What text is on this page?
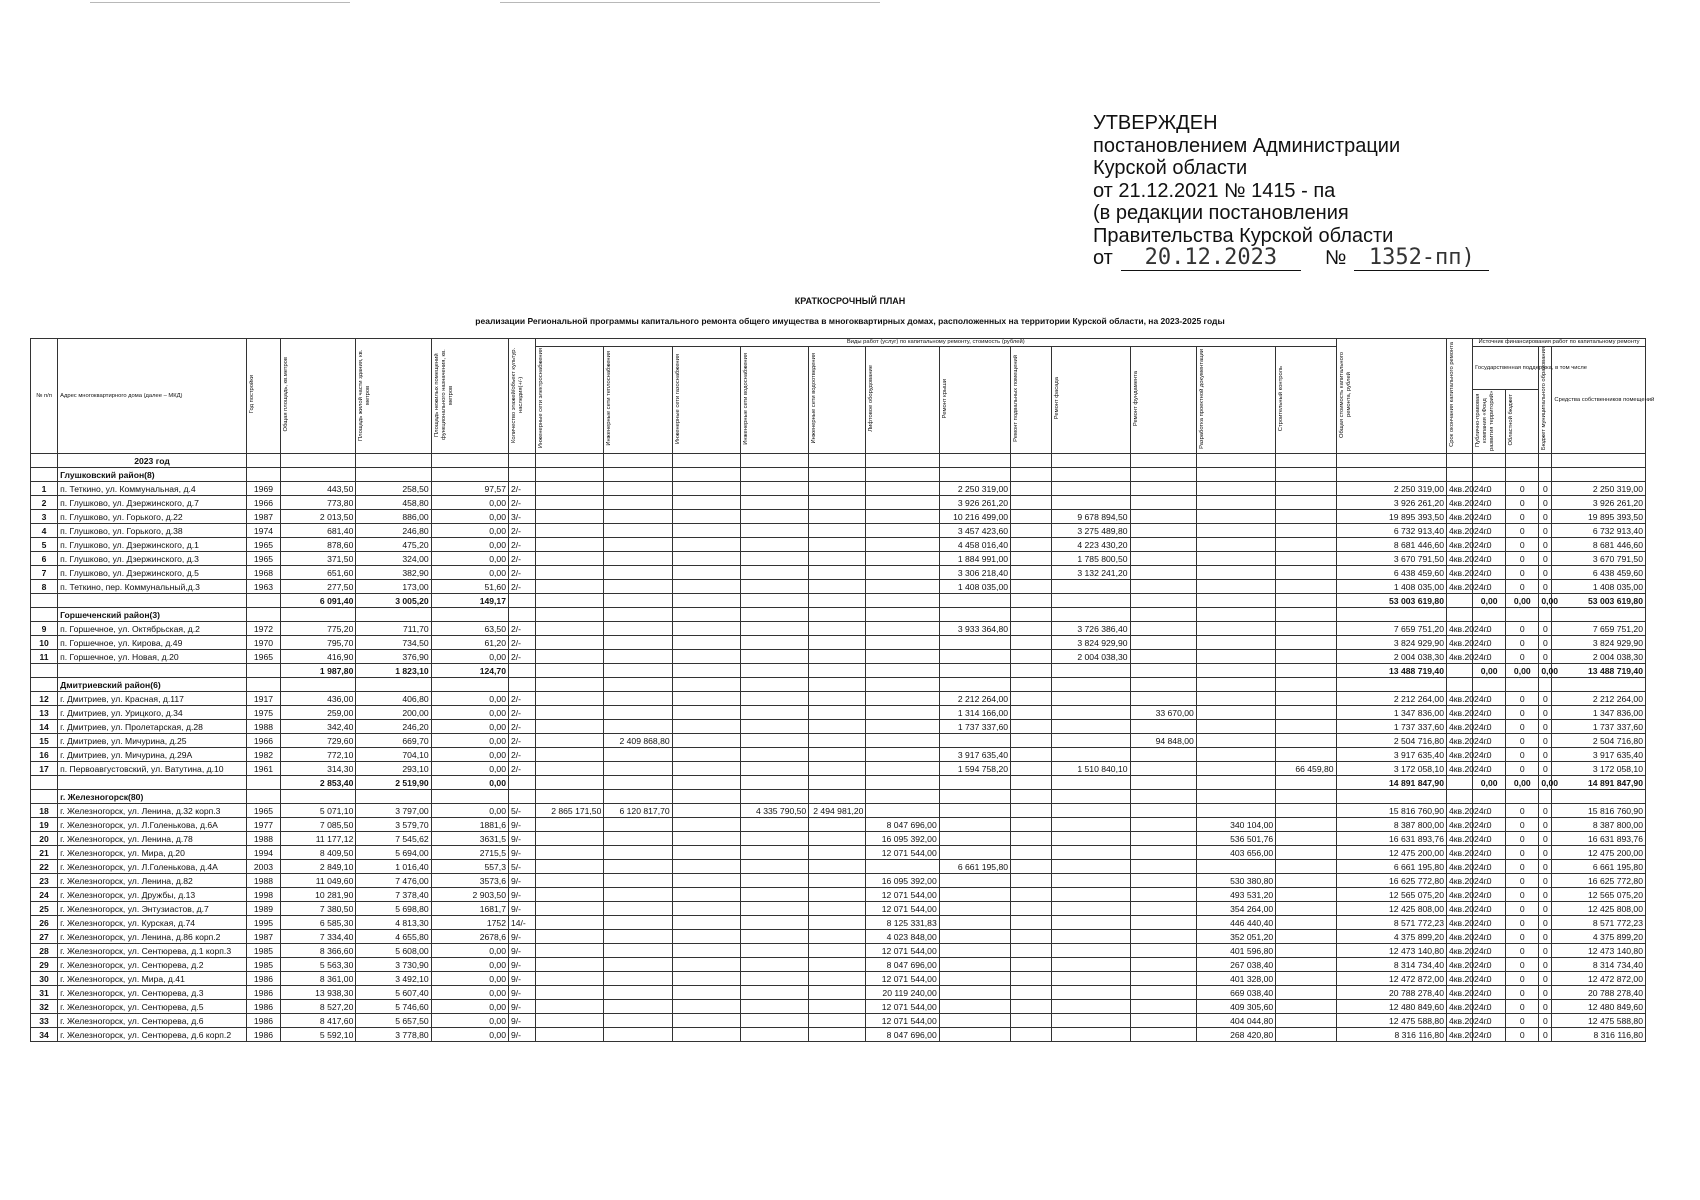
УТВЕРЖДЕН
постановлением Администрации
Курской области
от 21.12.2021 № 1415 - па
(в редакции постановления
Правительства Курской области
от 20.12.2023 № 1352-пп)
КРАТКОСРОЧНЫЙ ПЛАН
реализации Региональной программы капитального ремонта общего имущества в многоквартирных домах, расположенных на территории Курской области, на 2023-2025 годы
№ п/п	Адрес многоквартирного дома (далее – МКД)	Год постройки	Общая площадь, кв.метров	Площадь жилой части здания, кв. метров	Площадь нежилых помещений функционального назначения, кв. метров	Количество этажей/объект культур. наследия(+/-)	Виды работ (услуг) по капитальному ремонту, стоимость (рублей)												Общая стоимость капитального ремонта, рублей	Срок окончания капитального ремонта	Источник финансирования работ по капитальному ремонту			
							Инженерные сети электроснабжения	Инженерные сети теплоснабжения	Инженерные сети газоснабжения	Инженерные сети водоснабжения	Инженерные сети водоотведения	Лифтовое оборудование	Ремонт крыши	Ремонт подвальных помещений	Ремонт фасада	Ремонт фундамента	Разработка проектной документации	Строительный контроль			Государственная поддержка, в том числе		Бюджет муниципального образования	Средства собственников помещений
																					Публично-правовая компания «Фонд развития территорий»	Областной бюджет		
	2023 год																							
	Глушковский район(8)																							
1	п. Теткино, ул. Коммунальная, д.4	1969	443,50	258,50	97,57	2/-							2 250 319,00						2 250 319,00	4кв.2024г.	0	0	0	2 250 319,00
2	п. Глушково, ул. Дзержинского, д.7	1966	773,80	458,80	0,00	2/-							3 926 261,20						3 926 261,20	4кв.2024г.	0	0	0	3 926 261,20
3	п. Глушково, ул. Горького, д.22	1987	2 013,50	886,00	0,00	3/-							10 216 499,00		9 678 894,50				19 895 393,50	4кв.2024г.	0	0	0	19 895 393,50
4	п. Глушково, ул. Горького, д.38	1974	681,40	246,80	0,00	2/-							3 457 423,60		3 275 489,80				6 732 913,40	4кв.2024г.	0	0	0	6 732 913,40
5	п. Глушково, ул. Дзержинского, д.1	1965	878,60	475,20	0,00	2/-							4 458 016,40		4 223 430,20				8 681 446,60	4кв.2024г.	0	0	0	8 681 446,60
6	п. Глушково, ул. Дзержинского, д.3	1965	371,50	324,00	0,00	2/-							1 884 991,00		1 785 800,50				3 670 791,50	4кв.2024г.	0	0	0	3 670 791,50
7	п. Глушково, ул. Дзержинского, д.5	1968	651,60	382,90	0,00	2/-							3 306 218,40		3 132 241,20				6 438 459,60	4кв.2024г.	0	0	0	6 438 459,60
8	п. Теткино, пер. Коммунальный,д.3	1963	277,50	173,00	51,60	2/-							1 408 035,00						1 408 035,00	4кв.2024г.	0	0	0	1 408 035,00
			6 091,40	3 005,20	149,17														53 003 619,80		0,00	0,00	0,00	53 003 619,80
	Горшеченский район(3)																							
9	п. Горшечное, ул. Октябрьская, д.2	1972	775,20	711,70	63,50	2/-							3 933 364,80		3 726 386,40				7 659 751,20	4кв.2024г.	0	0	0	7 659 751,20
10	п. Горшечное, ул. Кирова, д.49	1970	795,70	734,50	61,20	2/-									3 824 929,90				3 824 929,90	4кв.2024г.	0	0	0	3 824 929,90
11	п. Горшечное, ул. Новая, д.20	1965	416,90	376,90	0,00	2/-									2 004 038,30				2 004 038,30	4кв.2024г.	0	0	0	2 004 038,30
			1 987,80	1 823,10	124,70														13 488 719,40		0,00	0,00	0,00	13 488 719,40
	Дмитриевский район(6)																							
12	г. Дмитриев, ул. Красная, д.117	1917	436,00	406,80	0,00	2/-							2 212 264,00						2 212 264,00	4кв.2024г.	0	0	0	2 212 264,00
13	г. Дмитриев, ул. Урицкого, д.34	1975	259,00	200,00	0,00	2/-							1 314 166,00			33 670,00			1 347 836,00	4кв.2024г.	0	0	0	1 347 836,00
14	г. Дмитриев, ул. Пролетарская, д.28	1988	342,40	246,20	0,00	2/-							1 737 337,60						1 737 337,60	4кв.2024г.	0	0	0	1 737 337,60
15	г. Дмитриев, ул. Мичурина, д.25	1966	729,60	669,70	0,00	2/-		2 409 868,80								94 848,00			2 504 716,80	4кв.2024г.	0	0	0	2 504 716,80
16	г. Дмитриев, ул. Мичурина, д.29А	1982	772,10	704,10	0,00	2/-							3 917 635,40						3 917 635,40	4кв.2024г.	0	0	0	3 917 635,40
17	п. Первоавгустовский, ул. Ватутина, д.10	1961	314,30	293,10	0,00	2/-							1 594 758,20		1 510 840,10			66 459,80	3 172 058,10	4кв.2024г.	0	0	0	3 172 058,10
			2 853,40	2 519,90	0,00														14 891 847,90		0,00	0,00	0,00	14 891 847,90
	г. Железногорск(80)																							
18	г. Железногорск, ул. Ленина, д.32 корп.3	1965	5 071,10	3 797,00	0,00	5/-	2 865 171,50	6 120 817,70		4 335 790,50	2 494 981,20								15 816 760,90	4кв.2024г.	0	0	0	15 816 760,90
19	г. Железногорск, ул. Л.Голенькова, д.6А	1977	7 085,50	3 579,70	1881,6	9/-						8 047 696,00					340 104,00		8 387 800,00	4кв.2024г.	0	0	0	8 387 800,00
20	г. Железногорск, ул. Ленина, д.78	1988	11 177,12	7 545,62	3631,5	9/-						16 095 392,00					536 501,76		16 631 893,76	4кв.2024г.	0	0	0	16 631 893,76
21	г. Железногорск, ул. Мира, д.20	1994	8 409,50	5 694,00	2715,5	9/-						12 071 544,00					403 656,00		12 475 200,00	4кв.2024г.	0	0	0	12 475 200,00
22	г. Железногорск, ул. Л.Голенькова, д.4А	2003	2 849,10	1 016,40	557,3	5/-							6 661 195,80						6 661 195,80	4кв.2024г.	0	0	0	6 661 195,80
23	г. Железногорск, ул. Ленина, д.82	1988	11 049,60	7 476,00	3573,6	9/-						16 095 392,00					530 380,80		16 625 772,80	4кв.2024г.	0	0	0	16 625 772,80
24	г. Железногорск, ул. Дружбы, д.13	1998	10 281,90	7 378,40	2 903,50	9/-						12 071 544,00					493 531,20		12 565 075,20	4кв.2024г.	0	0	0	12 565 075,20
25	г. Железногорск, ул. Энтузиастов, д.7	1989	7 380,50	5 698,80	1681,7	9/-						12 071 544,00					354 264,00		12 425 808,00	4кв.2024г.	0	0	0	12 425 808,00
26	г. Железногорск, ул. Курская, д.74	1995	6 585,30	4 813,30	1752	14/-						8 125 331,83					446 440,40		8 571 772,23	4кв.2024г.	0	0	0	8 571 772,23
27	г. Железногорск, ул. Ленина, д.86 корп.2	1987	7 334,40	4 655,80	2678,6	9/-						4 023 848,00					352 051,20		4 375 899,20	4кв.2024г.	0	0	0	4 375 899,20
28	г. Железногорск, ул. Сентюрева, д.1 корп.3	1985	8 366,60	5 608,00	0,00	9/-						12 071 544,00					401 596,80		12 473 140,80	4кв.2024г.	0	0	0	12 473 140,80
29	г. Железногорск, ул. Сентюрева, д.2	1985	5 563,30	3 730,90	0,00	9/-						8 047 696,00					267 038,40		8 314 734,40	4кв.2024г.	0	0	0	8 314 734,40
30	г. Железногорск, ул. Мира, д.41	1986	8 361,00	3 492,10	0,00	9/-						12 071 544,00					401 328,00		12 472 872,00	4кв.2024г.	0	0	0	12 472 872,00
31	г. Железногорск, ул. Сентюрева, д.3	1986	13 938,30	5 607,40	0,00	9/-						20 119 240,00					669 038,40		20 788 278,40	4кв.2024г.	0	0	0	20 788 278,40
32	г. Железногорск, ул. Сентюрева, д.5	1986	8 527,20	5 746,60	0,00	9/-						12 071 544,00					409 305,60		12 480 849,60	4кв.2024г.	0	0	0	12 480 849,60
33	г. Железногорск, ул. Сентюрева, д.6	1986	8 417,60	5 657,50	0,00	9/-						12 071 544,00					404 044,80		12 475 588,80	4кв.2024г.	0	0	0	12 475 588,80
34	г. Железногорск, ул. Сентюрева, д.6 корп.2	1986	5 592,10	3 778,80	0,00	9/-						8 047 696,00					268 420,80		8 316 116,80	4кв.2024г.	0	0	0	8 316 116,80
